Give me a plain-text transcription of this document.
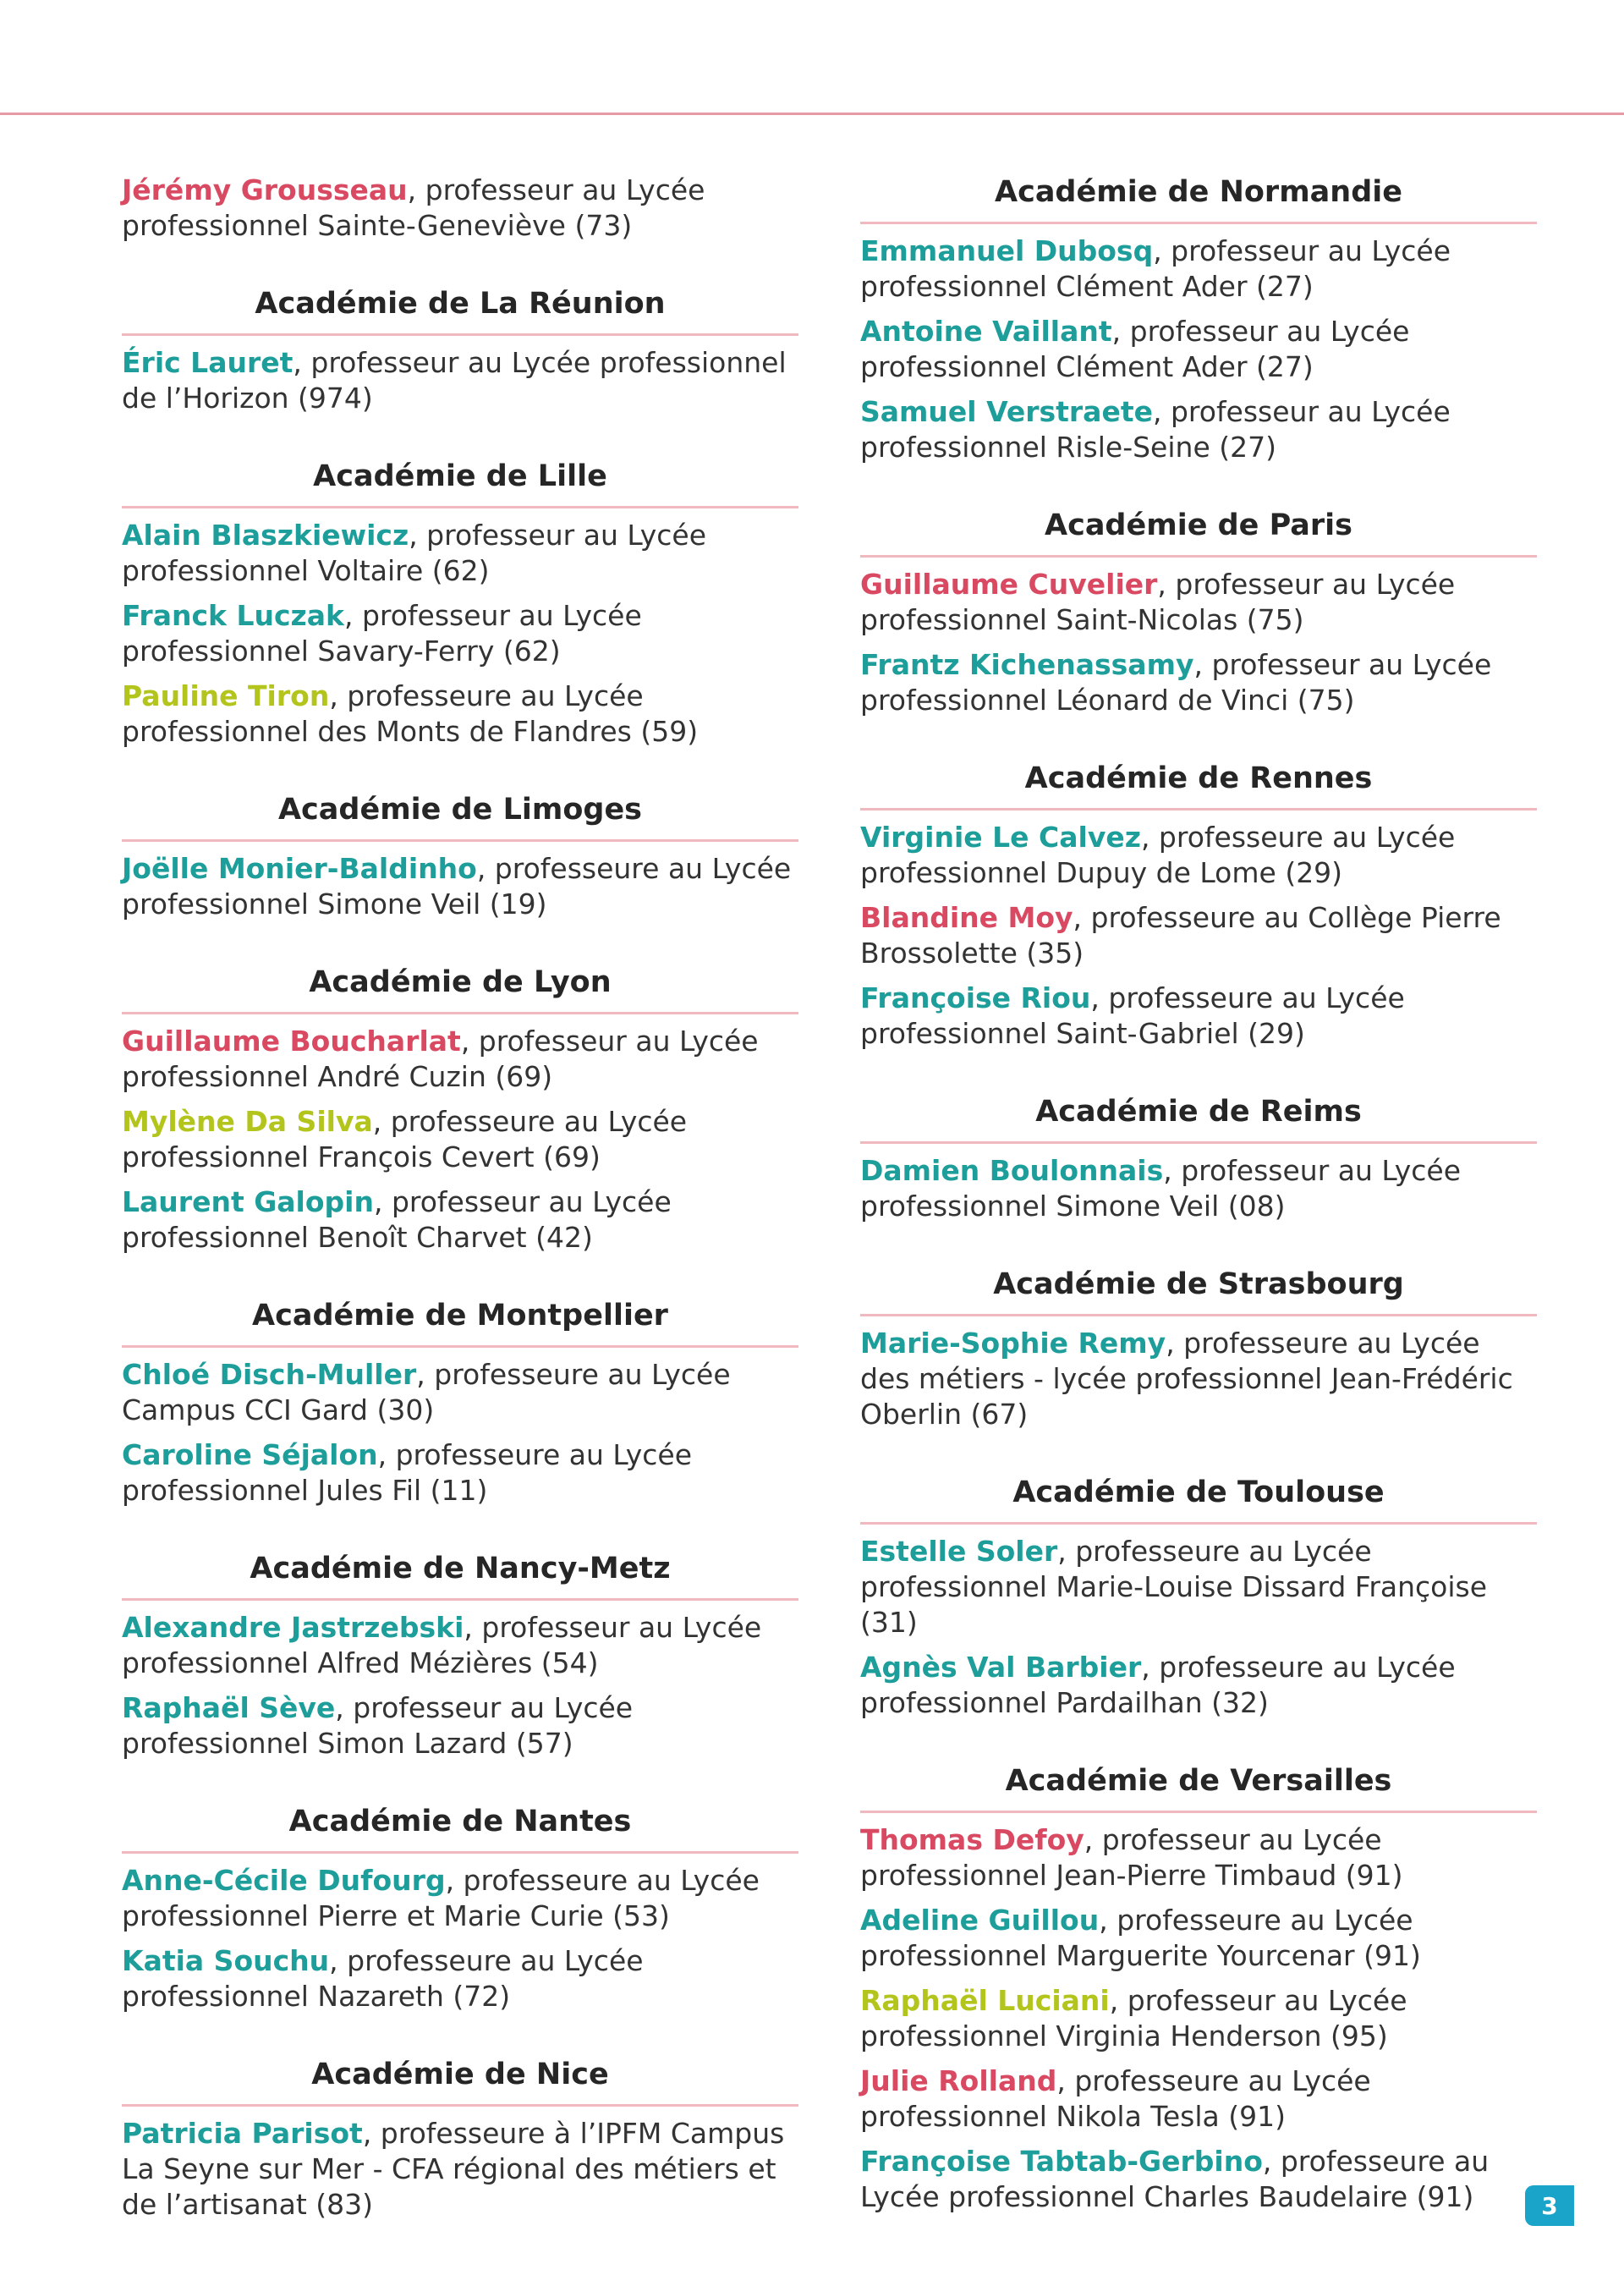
Jérémy Grousseau, professeur au Lycée professionnel Sainte-Geneviève (73)
Académie de La Réunion
Éric Lauret, professeur au Lycée professionnel de l’Horizon (974)
Académie de Lille
Alain Blaszkiewicz, professeur au Lycée professionnel Voltaire (62)
Franck Luczak, professeur au Lycée professionnel Savary-Ferry (62)
Pauline Tiron, professeure au Lycée professionnel des Monts de Flandres (59)
Académie de Limoges
Joëlle Monier-Baldinho, professeure au Lycée professionnel Simone Veil (19)
Académie de Lyon
Guillaume Boucharlat, professeur au Lycée professionnel André Cuzin (69)
Mylène Da Silva, professeure au Lycée professionnel François Cevert (69)
Laurent Galopin, professeur au Lycée professionnel Benoît Charvet (42)
Académie de Montpellier
Chloé Disch-Muller, professeure au Lycée Campus CCI Gard (30)
Caroline Séjalon, professeure au Lycée professionnel Jules Fil (11)
Académie de Nancy-Metz
Alexandre Jastrzebski, professeur au Lycée professionnel Alfred Mézières (54)
Raphaël Sève, professeur au Lycée professionnel Simon Lazard (57)
Académie de Nantes
Anne-Cécile Dufourg, professeure au Lycée professionnel Pierre et Marie Curie (53)
Katia Souchu, professeure au Lycée professionnel Nazareth (72)
Académie de Nice
Patricia Parisot, professeure à l’IPFM Campus La Seyne sur Mer - CFA régional des métiers et de l’artisanat (83)
Académie de Normandie
Emmanuel Dubosq, professeur au Lycée professionnel Clément Ader (27)
Antoine Vaillant, professeur au Lycée professionnel Clément Ader (27)
Samuel Verstraete, professeur au Lycée professionnel Risle-Seine (27)
Académie de Paris
Guillaume Cuvelier, professeur au Lycée professionnel Saint-Nicolas (75)
Frantz Kichenassamy, professeur au Lycée professionnel Léonard de Vinci (75)
Académie de Rennes
Virginie Le Calvez, professeure au Lycée professionnel Dupuy de Lome (29)
Blandine Moy, professeure au Collège Pierre Brossolette (35)
Françoise Riou, professeure au Lycée professionnel Saint-Gabriel (29)
Académie de Reims
Damien Boulonnais, professeur au Lycée professionnel Simone Veil (08)
Académie de Strasbourg
Marie-Sophie Remy, professeure au Lycée des métiers - lycée professionnel Jean-Frédéric Oberlin (67)
Académie de Toulouse
Estelle Soler, professeure au Lycée professionnel Marie-Louise Dissard Françoise (31)
Agnès Val Barbier, professeure au Lycée professionnel Pardailhan (32)
Académie de Versailles
Thomas Defoy, professeur au Lycée professionnel Jean-Pierre Timbaud (91)
Adeline Guillou, professeure au Lycée professionnel Marguerite Yourcenar (91)
Raphaël Luciani, professeur au Lycée professionnel Virginia Henderson (95)
Julie Rolland, professeure au Lycée professionnel Nikola Tesla (91)
Françoise Tabtab-Gerbino, professeure au Lycée professionnel Charles Baudelaire (91)	3
